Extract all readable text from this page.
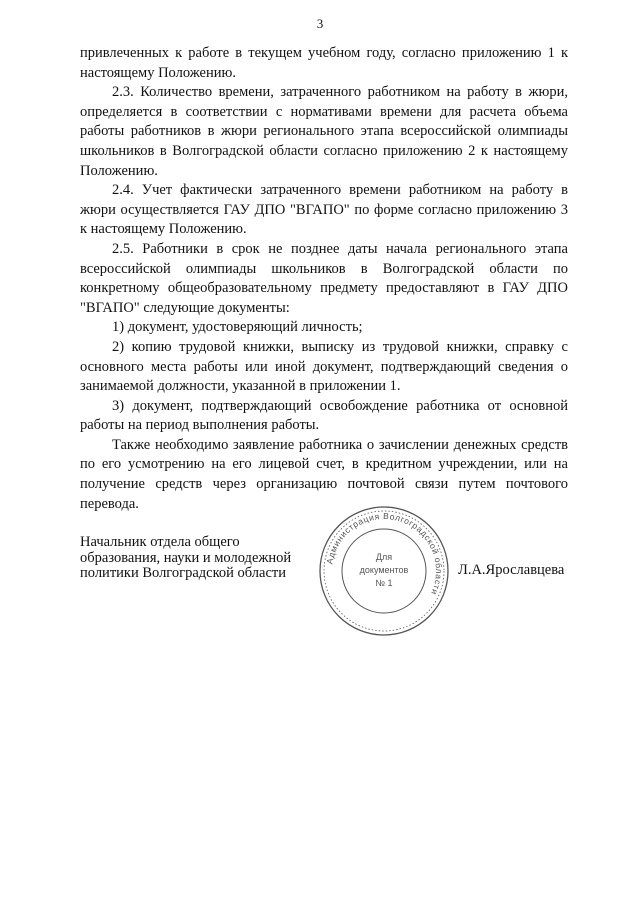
3

привлеченных к работе в текущем учебном году, согласно приложению 1 к настоящему Положению.

2.3. Количество времени, затраченного работником на работу в жюри, определяется в соответствии с нормативами времени для расчета объема работы работников в жюри регионального этапа всероссийской олимпиады школьников в Волгоградской области согласно приложению 2 к настоящему Положению.

2.4. Учет фактически затраченного времени работником на работу в жюри осуществляется ГАУ ДПО "ВГАПО" по форме согласно приложению 3 к настоящему Положению.

2.5. Работники в срок не позднее даты начала регионального этапа всероссийской олимпиады школьников в Волгоградской области по конкретному общеобразовательному предмету предоставляют в ГАУ ДПО "ВГАПО" следующие документы:

1) документ, удостоверяющий личность;

2) копию трудовой книжки, выписку из трудовой книжки, справку с основного места работы или иной документ, подтверждающий сведения о занимаемой должности, указанной в приложении 1.

3) документ, подтверждающий освобождение работника от основной работы на период выполнения работы.

Также необходимо заявление работника о зачислении денежных средств по его усмотрению на его лицевой счет, в кредитном учреждении, или на получение средств через организацию почтовой связи путем почтового перевода.

Начальник отдела общего
образования, науки и молодежной
политики Волгоградской области
Администрация Волгоградской области
Для
документов
№ 1
Л.А.Ярославцева
